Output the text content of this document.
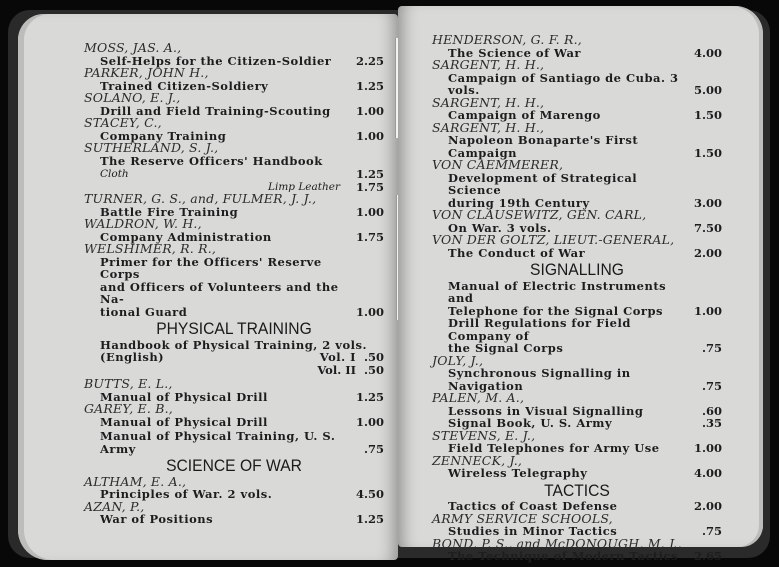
MOSS, JAS. A.,
Self-Helps for the Citizen-Soldier	2.25
PARKER, JOHN H.,
Trained Citizen-Soldiery	1.25
SOLANO, E. J.,
Drill and Field Training-Scouting	1.00
STACEY, C.,
Company Training	1.00
SUTHERLAND, S. J.,
The Reserve Officers' Handbook Cloth	1.25
Limp Leather	1.75
TURNER, G. S., and, FULMER, J. J.,
Battle Fire Training	1.00
WALDRON, W. H.,
Company Administration	1.75
WELSHIMER, R. R.,
Primer for the Officers' Reserve Corps
and Officers of Volunteers and the Na-
tional Guard	1.00
PHYSICAL TRAINING
Handbook of Physical Training, 2 vols.
(English)	Vol. I .50
Vol. II .50
BUTTS, E. L.,
Manual of Physical Drill	1.25
GAREY, E. B.,
Manual of Physical Drill	1.00
Manual of Physical Training, U. S.
Army	.75
SCIENCE OF WAR
ALTHAM, E. A.,
Principles of War. 2 vols.	4.50
AZAN, P.,
War of Positions	1.25
HENDERSON, G. F. R.,
The Science of War	4.00
SARGENT, H. H.,
Campaign of Santiago de Cuba. 3 vols.	5.00
SARGENT, H. H.,
Campaign of Marengo	1.50
SARGENT, H. H.,
Napoleon Bonaparte's First Campaign	1.50
VON CAEMMERER,
Development of Strategical Science
during 19th Century	3.00
VON CLAUSEWITZ, GEN. CARL,
On War. 3 vols.	7.50
VON DER GOLTZ, LIEUT.-GENERAL,
The Conduct of War	2.00
SIGNALLING
Manual of Electric Instruments and
Telephone for the Signal Corps	1.00
Drill Regulations for Field Company of
the Signal Corps	.75
JOLY, J.,
Synchronous Signalling in Navigation	.75
PALEN, M. A.,
Lessons in Visual Signalling	.60
Signal Book, U. S. Army	.35
STEVENS, E. J.,
Field Telephones for Army Use	1.00
ZENNECK, J.,
Wireless Telegraphy	4.00
TACTICS
Tactics of Coast Defense	2.00
ARMY SERVICE SCHOOLS,
Studies in Minor Tactics	.75
BOND, P. S., and McDONOUGH, M. J.,
The Technique of Modern Tactics	2.65
